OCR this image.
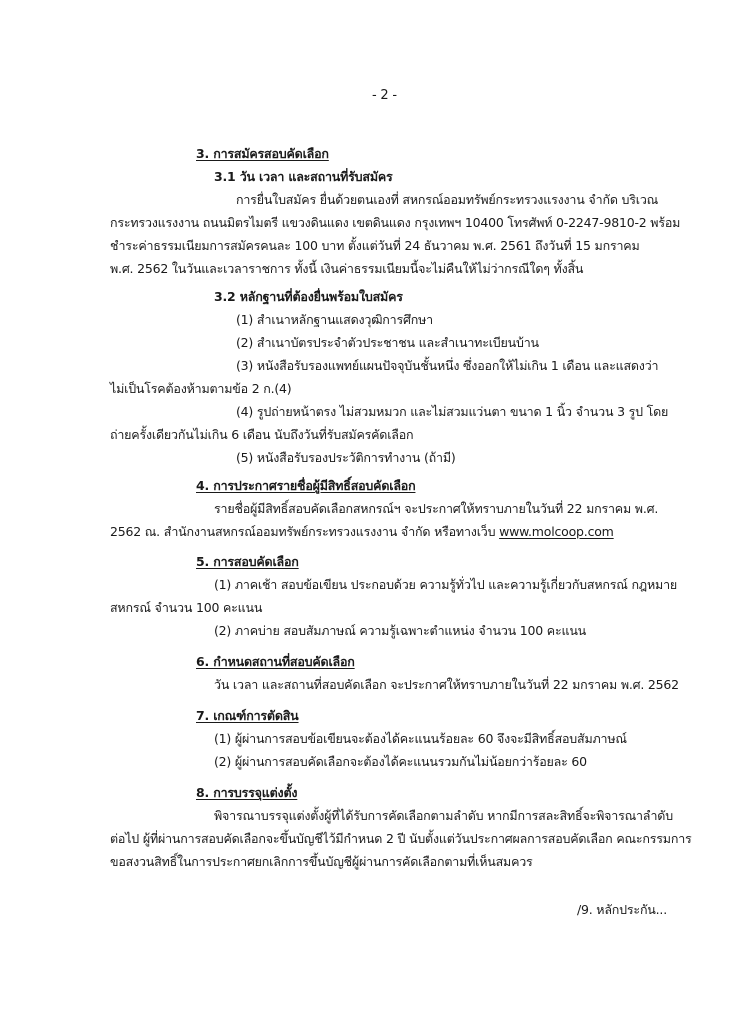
- 2 -
3. การสมัครสอบคัดเลือก
3.1 วัน เวลา และสถานที่รับสมัคร
การยื่นใบสมัคร ยื่นด้วยตนเองที่ สหกรณ์ออมทรัพย์กระทรวงแรงงาน จำกัด บริเวณ
กระทรวงแรงงาน ถนนมิตรไมตรี แขวงดินแดง เขตดินแดง กรุงเทพฯ 10400 โทรศัพท์ 0-2247-9810-2 พร้อม
ชำระค่าธรรมเนียมการสมัครคนละ 100 บาท ตั้งแต่วันที่ 24 ธันวาคม พ.ศ. 2561 ถึงวันที่ 15 มกราคม
พ.ศ. 2562 ในวันและเวลาราชการ ทั้งนี้ เงินค่าธรรมเนียมนี้จะไม่คืนให้ไม่ว่ากรณีใดๆ ทั้งสิ้น
3.2 หลักฐานที่ต้องยื่นพร้อมใบสมัคร
(1) สำเนาหลักฐานแสดงวุฒิการศึกษา
(2) สำเนาบัตรประจำตัวประชาชน และสำเนาทะเบียนบ้าน
(3) หนังสือรับรองแพทย์แผนปัจจุบันชั้นหนึ่ง ซึ่งออกให้ไม่เกิน 1 เดือน และแสดงว่า
ไม่เป็นโรคต้องห้ามตามข้อ 2 ก.(4)
(4) รูปถ่ายหน้าตรง ไม่สวมหมวก และไม่สวมแว่นตา ขนาด 1 นิ้ว จำนวน 3 รูป โดย
ถ่ายครั้งเดียวกันไม่เกิน 6 เดือน นับถึงวันที่รับสมัครคัดเลือก
(5) หนังสือรับรองประวัติการทำงาน (ถ้ามี)
4. การประกาศรายชื่อผู้มีสิทธิ์สอบคัดเลือก
รายชื่อผู้มีสิทธิ์สอบคัดเลือกสหกรณ์ฯ จะประกาศให้ทราบภายในวันที่ 22 มกราคม พ.ศ.
2562 ณ. สำนักงานสหกรณ์ออมทรัพย์กระทรวงแรงงาน จำกัด หรือทางเว็บ www.molcoop.com
5. การสอบคัดเลือก
(1) ภาคเช้า สอบข้อเขียน ประกอบด้วย ความรู้ทั่วไป และความรู้เกี่ยวกับสหกรณ์ กฎหมาย
สหกรณ์ จำนวน 100 คะแนน
(2) ภาคบ่าย สอบสัมภาษณ์ ความรู้เฉพาะตำแหน่ง จำนวน 100 คะแนน
6. กำหนดสถานที่สอบคัดเลือก
วัน เวลา และสถานที่สอบคัดเลือก จะประกาศให้ทราบภายในวันที่ 22 มกราคม พ.ศ. 2562
7. เกณฑ์การตัดสิน
(1) ผู้ผ่านการสอบข้อเขียนจะต้องได้คะแนนร้อยละ 60 จึงจะมีสิทธิ์สอบสัมภาษณ์
(2) ผู้ผ่านการสอบคัดเลือกจะต้องได้คะแนนรวมกันไม่น้อยกว่าร้อยละ 60
8. การบรรจุแต่งตั้ง
พิจารณาบรรจุแต่งตั้งผู้ที่ได้รับการคัดเลือกตามลำดับ หากมีการสละสิทธิ์จะพิจารณาลำดับ
ต่อไป ผู้ที่ผ่านการสอบคัดเลือกจะขึ้นบัญชีไว้มีกำหนด 2 ปี นับตั้งแต่วันประกาศผลการสอบคัดเลือก คณะกรรมการ
ขอสงวนสิทธิ์ในการประกาศยกเลิกการขึ้นบัญชีผู้ผ่านการคัดเลือกตามที่เห็นสมควร
/9. หลักประกัน...
